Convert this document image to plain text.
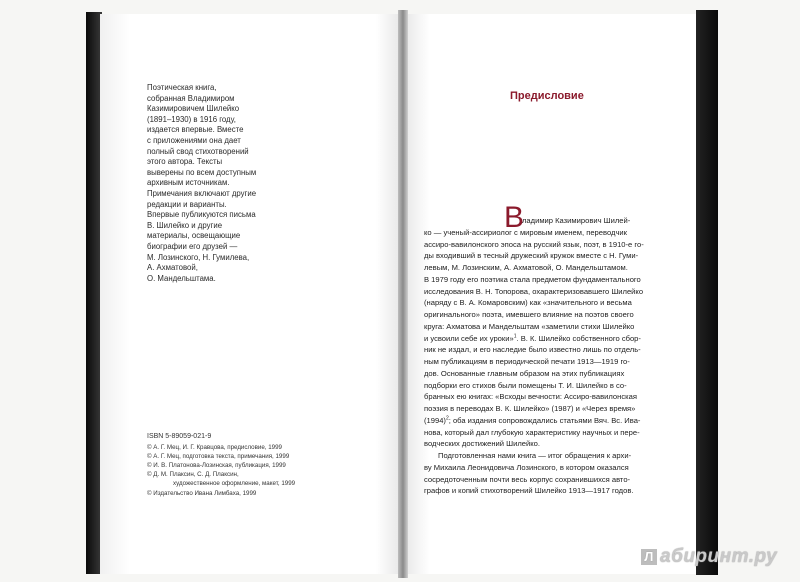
Поэтическая книга,
собранная Владимиром
Казимировичем Шилейко
(1891–1930) в 1916 году,
издается впервые. Вместе
с приложениями она дает
полный свод стихотворений
этого автора. Тексты
выверены по всем доступным
архивным источникам.
Примечания включают другие
редакции и варианты.
Впервые публикуются письма
В. Шилейко и другие
материалы, освещающие
биографии его друзей —
М. Лозинского, Н. Гумилева,
А. Ахматовой,
О. Мандельштама.
ISBN 5-89059-021-9
© А. Г. Мец, И. Г. Кравцова, предисловие, 1999
© А. Г. Мец, подготовка текста, примечания, 1999
© И. В. Платонова-Лозинская, публикация, 1999
© Д. М. Плаксин, С. Д. Плаксин,
художественное оформление, макет, 1999
© Издательство Ивана Лимбаха, 1999
Предисловие
В
ладимир Казимирович Шилей-
ко — ученый-ассириолог с мировым именем, переводчик
ассиро-вавилонского эпоса на русский язык, поэт, в 1910-е го-
ды входивший в тесный дружеский кружок вместе с Н. Гуми-
левым, М. Лозинским, А. Ахматовой, О. Мандельштамом.
В 1979 году его поэтика стала предметом фундаментального
исследования В. Н. Топорова, охарактеризовавшего Шилейко
(наряду с В. А. Комаровским) как «значительного и весьма
оригинального» поэта, имевшего влияние на поэтов своего
круга: Ахматова и Мандельштам «заметили стихи Шилейко
и усвоили себе их уроки»$^1$. В. К. Шилейко собственного сбор-
ник не издал, и его наследие было известно лишь по отдель-
ным публикациям в периодической печати 1913—1919 го-
дов. Основанные главным образом на этих публикациях
подборки его стихов были помещены Т. И. Шилейко в со-
бранных ею книгах: «Всходы вечности: Ассиро-вавилонская
поэзия в переводах В. К. Шилейко» (1987) и «Через время»
$(1994)^2$; оба издания сопровождались статьями Вяч. Вс. Ива-
нова, который дал глубокую характеристику научных и пере-
водческих достижений Шилейко.
Подготовленная нами книга — итог обращения к архи-
ву Михаила Леонидовича Лозинского, в котором оказался
сосредоточенным почти весь корпус сохранившихся авто-
графов и копий стихотворений Шилейко 1913—1917 годов.
Л абиринт.ру
